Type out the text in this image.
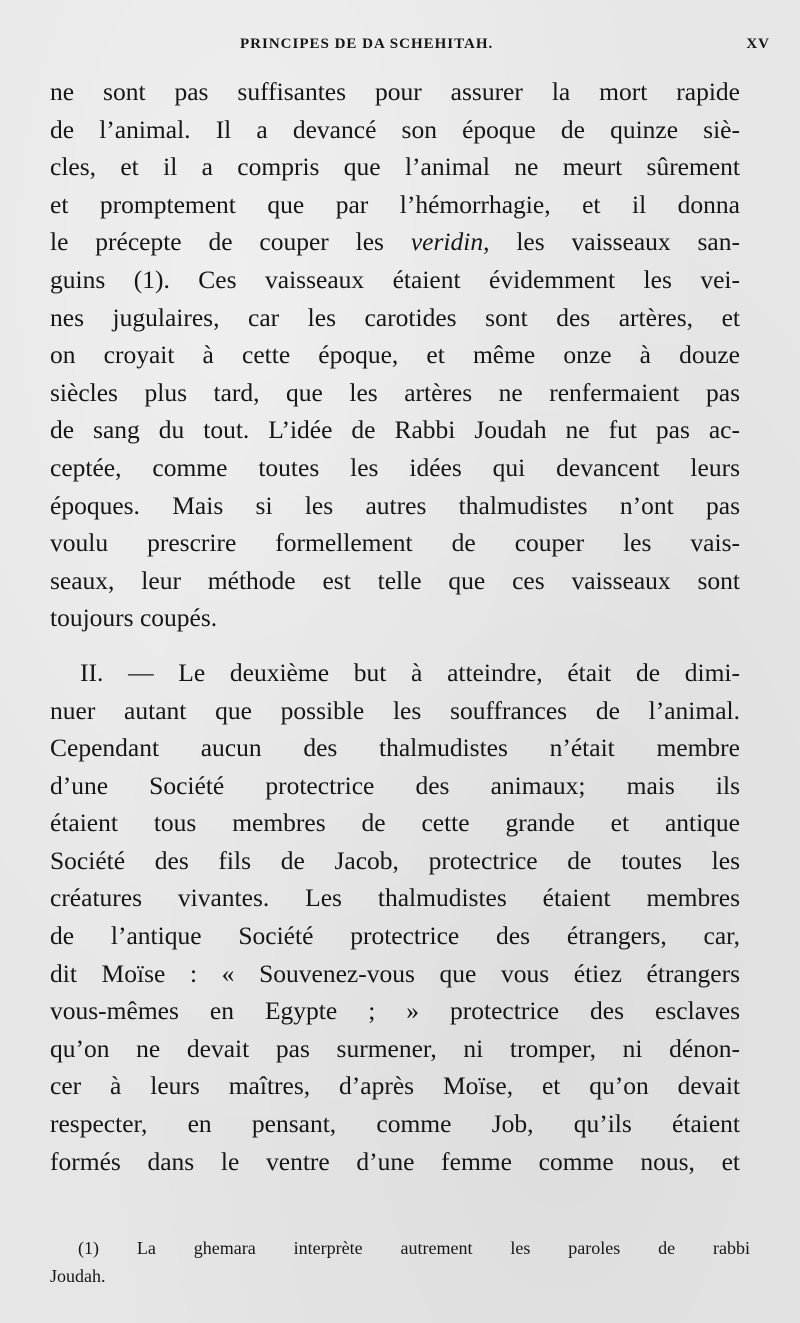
PRINCIPES DE DA SCHEHITAH.	XV
ne sont pas suffisantes pour assurer la mort rapide
de l’animal. Il a devancé son époque de quinze siè-
cles, et il a compris que l’animal ne meurt sûrement
et promptement que par l’hémorrhagie, et il donna
le précepte de couper les veridin, les vaisseaux san-
guins (1). Ces vaisseaux étaient évidemment les vei-
nes jugulaires, car les carotides sont des artères, et
on croyait à cette époque, et même onze à douze
siècles plus tard, que les artères ne renfermaient pas
de sang du tout. L’idée de Rabbi Joudah ne fut pas ac-
ceptée, comme toutes les idées qui devancent leurs
époques. Mais si les autres thalmudistes n’ont pas
voulu prescrire formellement de couper les vais-
seaux, leur méthode est telle que ces vaisseaux sont
toujours coupés.
II. — Le deuxième but à atteindre, était de dimi-
nuer autant que possible les souffrances de l’animal.
Cependant aucun des thalmudistes n’était membre
d’une Société protectrice des animaux; mais ils
étaient tous membres de cette grande et antique
Société des fils de Jacob, protectrice de toutes les
créatures vivantes. Les thalmudistes étaient membres
de l’antique Société protectrice des étrangers, car,
dit Moïse : « Souvenez-vous que vous étiez étrangers
vous-mêmes en Egypte ; » protectrice des esclaves
qu’on ne devait pas surmener, ni tromper, ni dénon-
cer à leurs maîtres, d’après Moïse, et qu’on devait
respecter, en pensant, comme Job, qu’ils étaient
formés dans le ventre d’une femme comme nous, et
(1) La ghemara interprète autrement les paroles de rabbi
Joudah.
